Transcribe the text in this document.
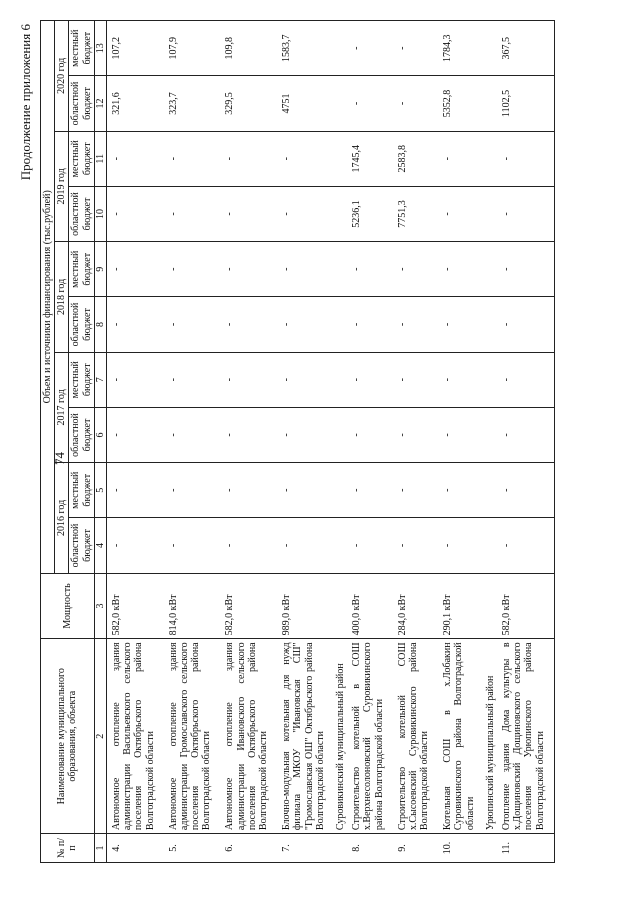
Продолжение приложения 6
74
№ п/п	Наименование муниципального образования, объекта	Мощность	Объем и источники финансирования (тыс.рублей)									
			2016 год		2017 год		2018 год		2019 год		2020 год	
			областной бюджет	местный бюджет	областной бюджет	местный бюджет	областной бюджет	местный бюджет	областной бюджет	местный бюджет	областной бюджет	местный бюджет
1	2	3	4	5	6	7	8	9	10	11	12	13
4.	Автономное отопление здания администрации Васильевского сельского поселения Октябрьского района Волгоградской области	582,0 кВт	-	-	-	-	-	-	-	-	321,6	107,2
5.	Автономное отопление здания администрации Громославского сельского поселения Октябрьского района Волгоградской области	814,0 кВт	-	-	-	-	-	-	-	-	323,7	107,9
6.	Автономное отопление здания администрации Ивановского сельского поселения Октябрьского района Волгоградской области	582,0 кВт	-	-	-	-	-	-	-	-	329,5	109,8
7.	Блочно-модульная котельная для нужд филиала МКОУ "Ивановская СШ" "Громославская ОШ" Октябрьского района Волгоградской области	989,0 кВт	-	-	-	-	-	-	-	-	4751	1583,7
	Суровикинский муниципальный район											
8.	Строительство котельной в СОШ х.Верхнесолоновский Суровикинского района Волгоградской области	400,0 кВт	-	-	-	-	-	-	5236,1	1745,4	-	-
9.	Строительство котельной СОШ х.Сысоевский Суровикинского района Волгоградской области	284,0 кВт	-	-	-	-	-	-	7751,3	2583,8	-	-
10.	Котельная СОШ в х.Лобакин Суровикинского района Волгоградской области	290,1 кВт	-	-	-	-	-	-	-	-	5352,8	1784,3
	Урюпинский муниципальный район											
11.	Отопление здания Дома культуры в х.Дощиновский Дощиновского сельского поселения Урюпинского района Волгоградской области	582,0 кВт	-	-	-	-	-	-	-	-	1102,5	367,5
